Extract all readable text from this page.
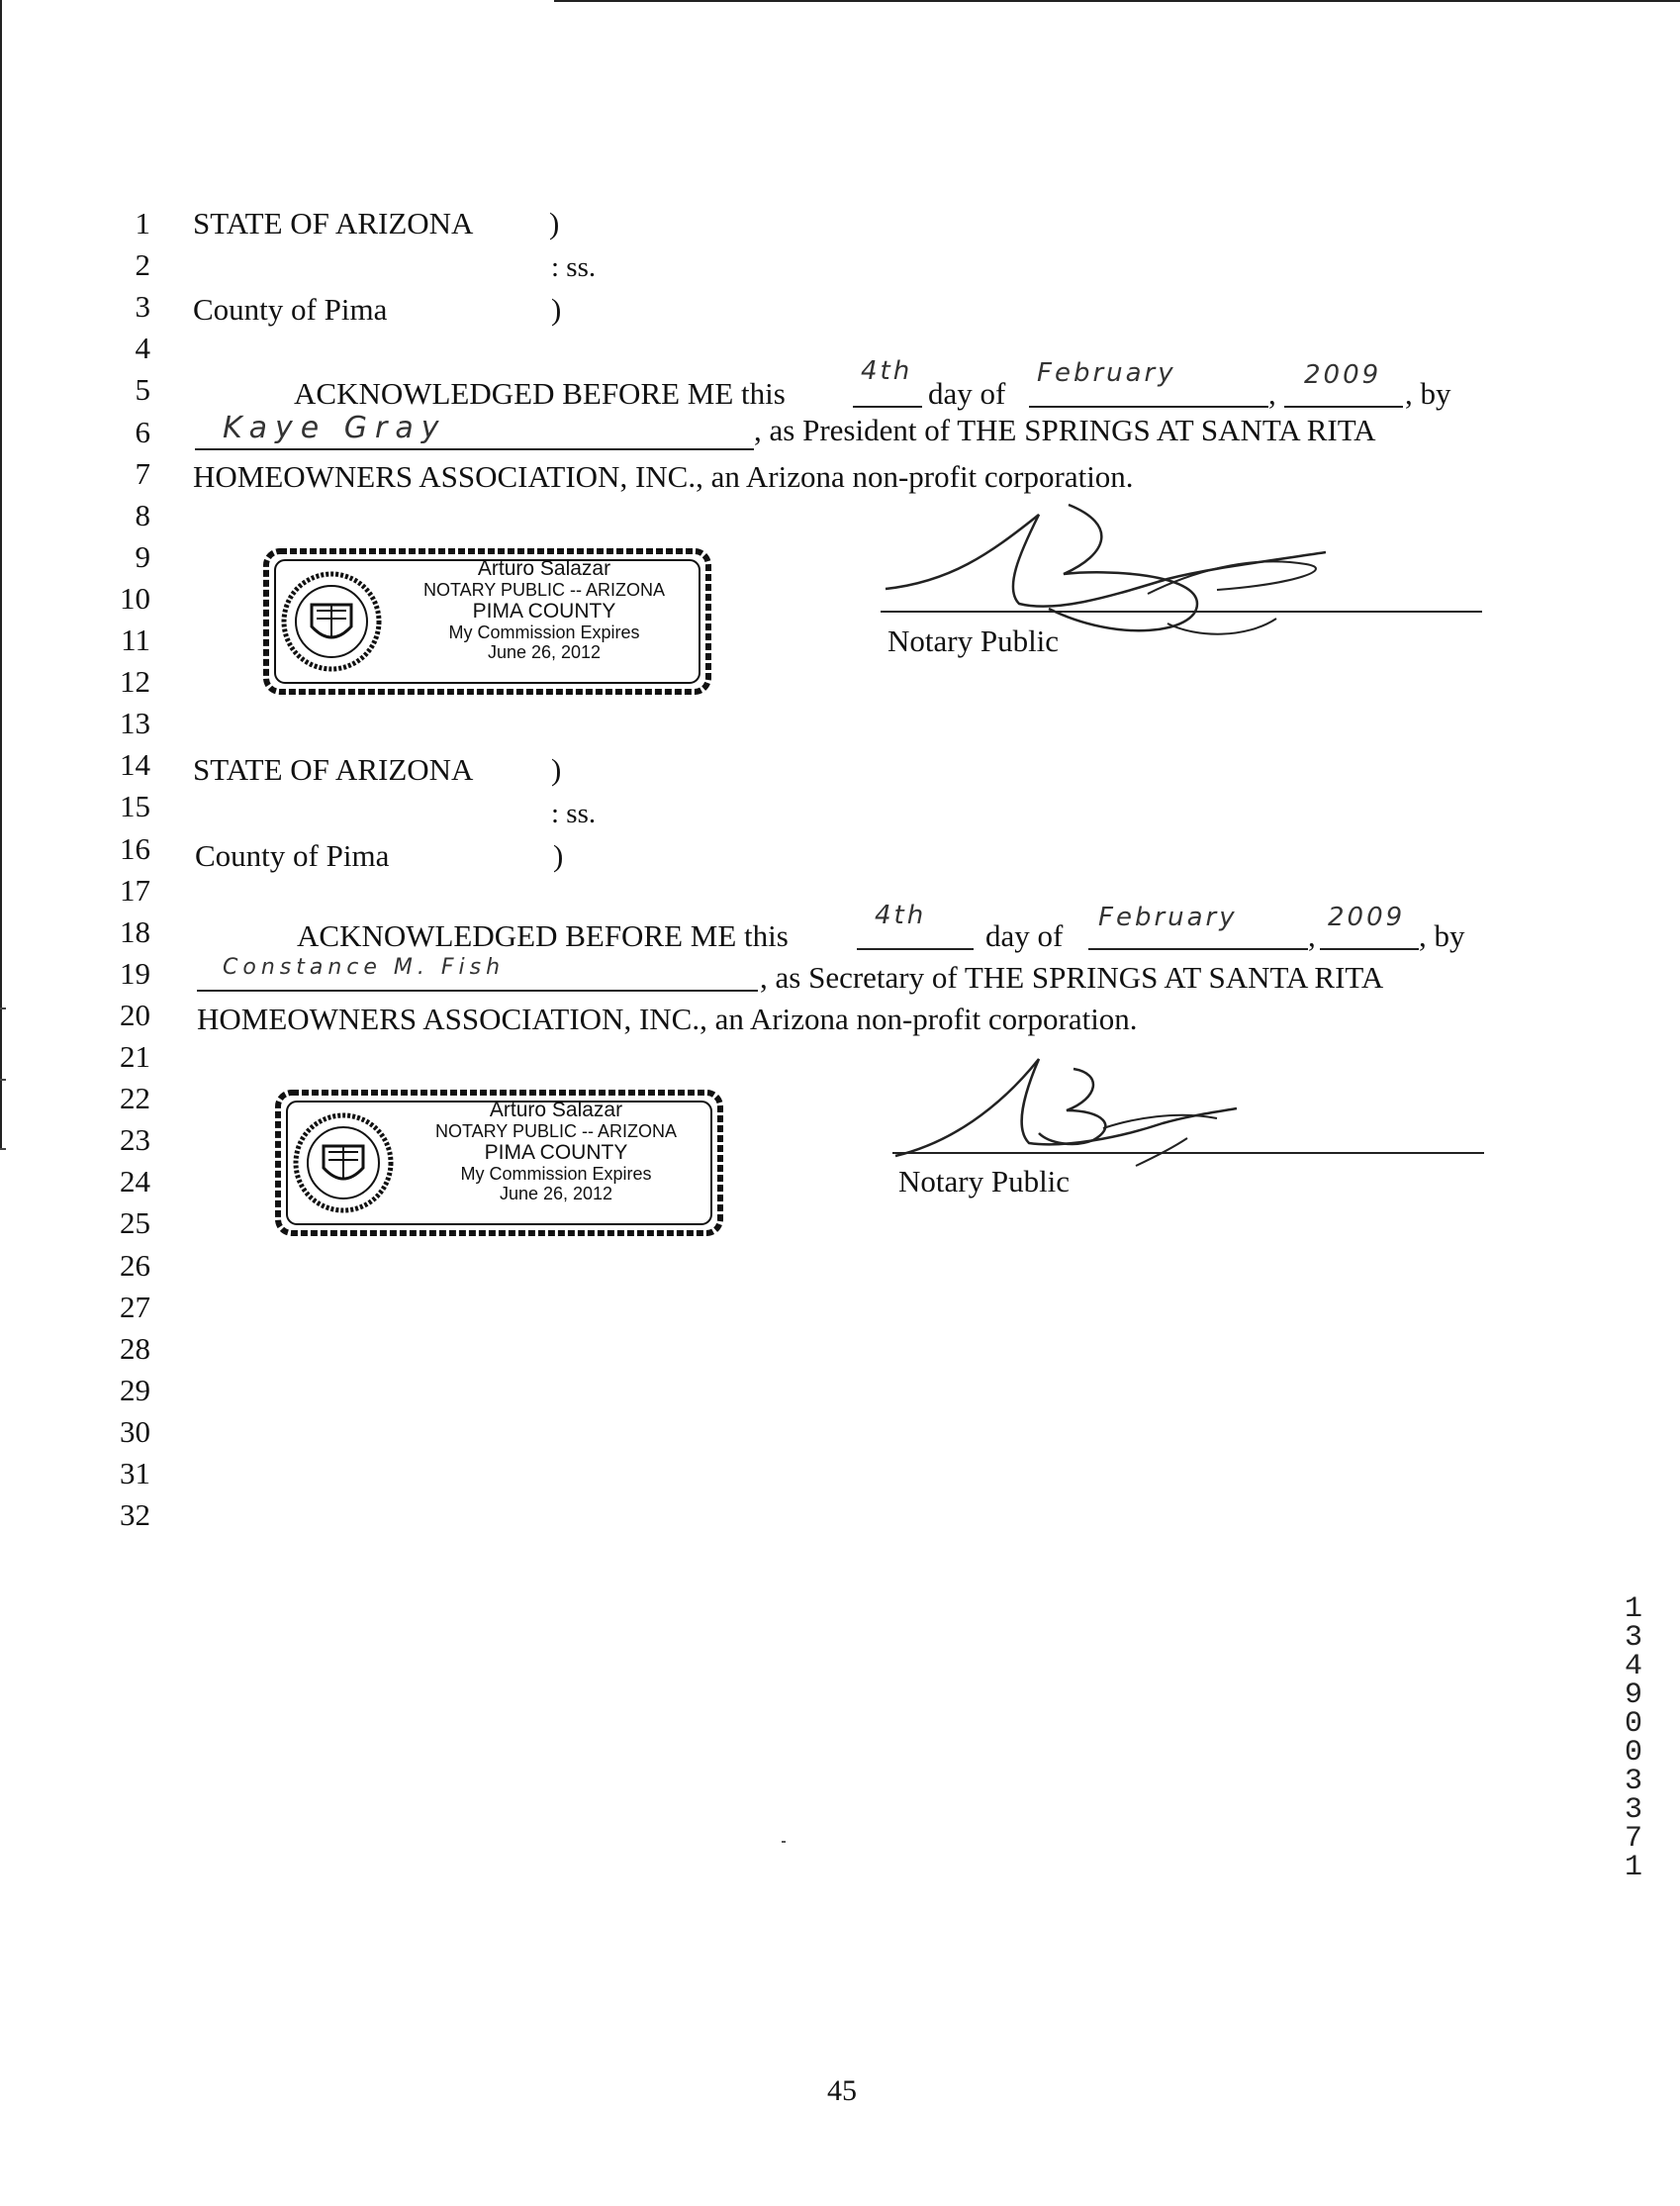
1
2
3
4
5
6
7
8
9
10
11
12
13
14
15
16
17
18
19
20
21
22
23
24
25
26
27
28
29
30
31
32
STATE OF ARIZONA )
: ss.
County of Pima	)
ACKNOWLEDGED BEFORE ME this
4th
day of
February
,
2009
, by
Kaye Gray	, as President of THE SPRINGS AT SANTA RITA
HOMEOWNERS ASSOCIATION, INC., an Arizona non-profit corporation.
Arturo Salazar
NOTARY PUBLIC -- ARIZONA
PIMA COUNTY
My Commission Expires
June 26, 2012	Notary Public
STATE OF ARIZONA	)
: ss.
County of Pima	)
ACKNOWLEDGED BEFORE ME this
4th
day of
February
,
2009
, by
Constance M. Fish	, as Secretary of THE SPRINGS AT SANTA RITA
HOMEOWNERS ASSOCIATION, INC., an Arizona non-profit corporation.
Arturo Salazar
NOTARY PUBLIC -- ARIZONA
PIMA COUNTY
My Commission Expires
June 26, 2012	Notary Public
13490 03371
45
